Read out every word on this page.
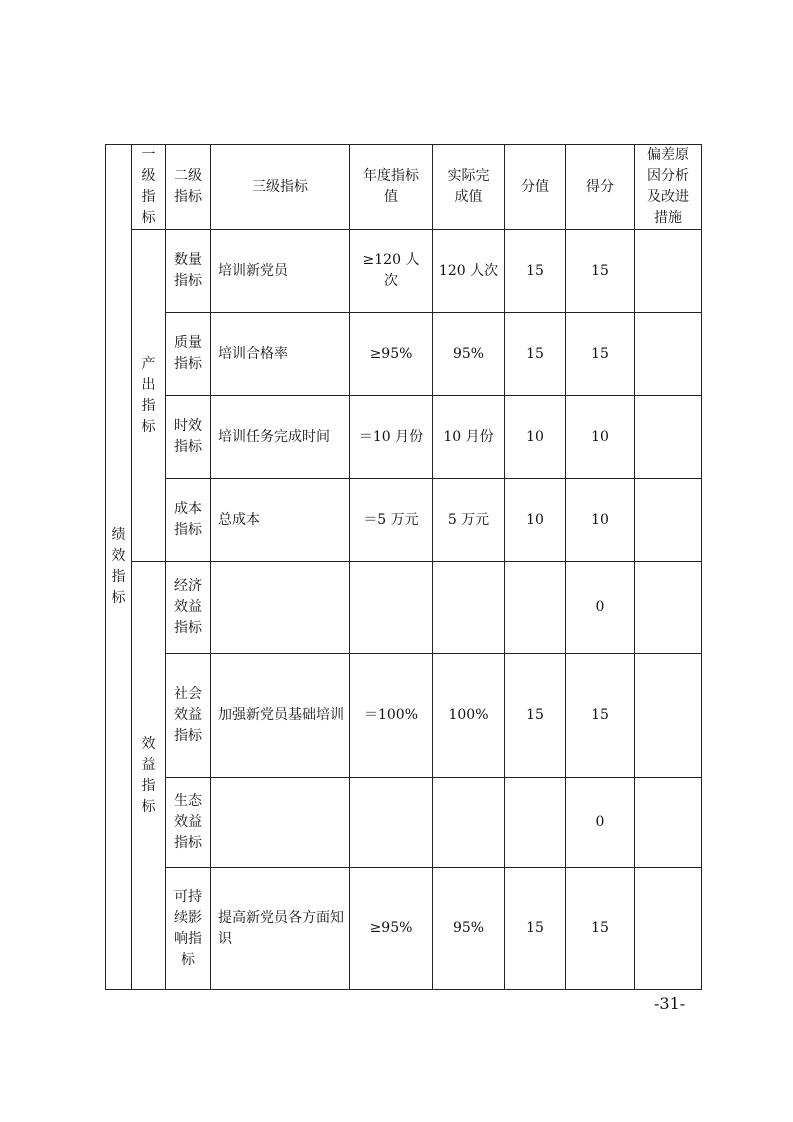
绩效指标	一级指标	二级指标	三级指标	年度指标值	实际完成值	分值	得分	偏差原因分析及改进措施
	产出指标	数量指标	培训新党员	≥120 人次	120 人次	15	15	
		质量指标	培训合格率	≥95%	95%	15	15	
		时效指标	培训任务完成时间	＝10 月份	10 月份	10	10	
		成本指标	总成本	＝5 万元	5 万元	10	10	
	效益指标	经济效益指标					0	
		社会效益指标	加强新党员基础培训	＝100%	100%	15	15	
		生态效益指标					0	
		可持续影响指标	提高新党员各方面知识	≥95%	95%	15	15	
-31-
